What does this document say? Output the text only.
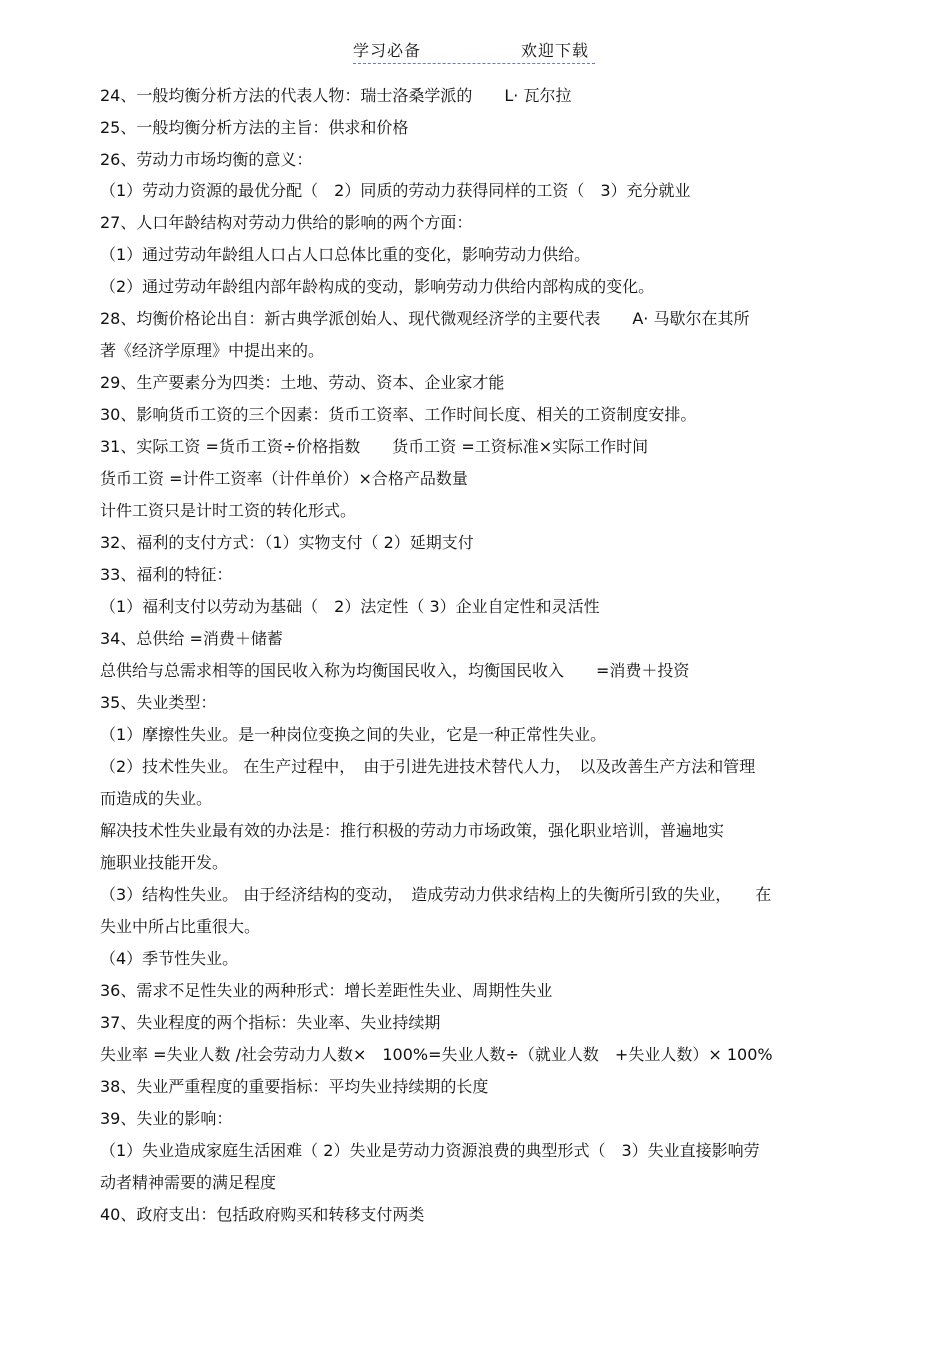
学习必备	欢迎下载
24、一般均衡分析方法的代表人物：瑞士洛桑学派的　　L· 瓦尔拉
25、一般均衡分析方法的主旨：供求和价格
26、劳动力市场均衡的意义：
（1）劳动力资源的最优分配（　2）同质的劳动力获得同样的工资（　3）充分就业
27、人口年龄结构对劳动力供给的影响的两个方面：
（1）通过劳动年龄组人口占人口总体比重的变化，影响劳动力供给。
（2）通过劳动年龄组内部年龄构成的变动，影响劳动力供给内部构成的变化。
28、均衡价格论出自：新古典学派创始人、现代微观经济学的主要代表　　A· 马歇尔在其所
著《经济学原理》中提出来的。
29、生产要素分为四类：土地、劳动、资本、企业家才能
30、影响货币工资的三个因素：货币工资率、工作时间长度、相关的工资制度安排。
31、实际工资 =货币工资÷价格指数　　货币工资 =工资标准×实际工作时间
货币工资 =计件工资率（计件单价）×合格产品数量
计件工资只是计时工资的转化形式。
32、福利的支付方式：（1）实物支付（ 2）延期支付
33、福利的特征：
（1）福利支付以劳动为基础（　2）法定性（ 3）企业自定性和灵活性
34、总供给 =消费＋储蓄
总供给与总需求相等的国民收入称为均衡国民收入，均衡国民收入　　=消费＋投资
35、失业类型：
（1）摩擦性失业。是一种岗位变换之间的失业，它是一种正常性失业。
（2）技术性失业。 在生产过程中，　由于引进先进技术替代人力，　以及改善生产方法和管理
而造成的失业。
解决技术性失业最有效的办法是：推行积极的劳动力市场政策，强化职业培训，普遍地实
施职业技能开发。
（3）结构性失业。 由于经济结构的变动，　造成劳动力供求结构上的失衡所引致的失业，　　在
失业中所占比重很大。
（4）季节性失业。
36、需求不足性失业的两种形式：增长差距性失业、周期性失业
37、失业程度的两个指标：失业率、失业持续期
失业率 =失业人数 /社会劳动力人数×　100%=失业人数÷（就业人数　+失业人数）× 100%
38、失业严重程度的重要指标：平均失业持续期的长度
39、失业的影响：
（1）失业造成家庭生活困难（ 2）失业是劳动力资源浪费的典型形式（　3）失业直接影响劳
动者精神需要的满足程度
40、政府支出：包括政府购买和转移支付两类
